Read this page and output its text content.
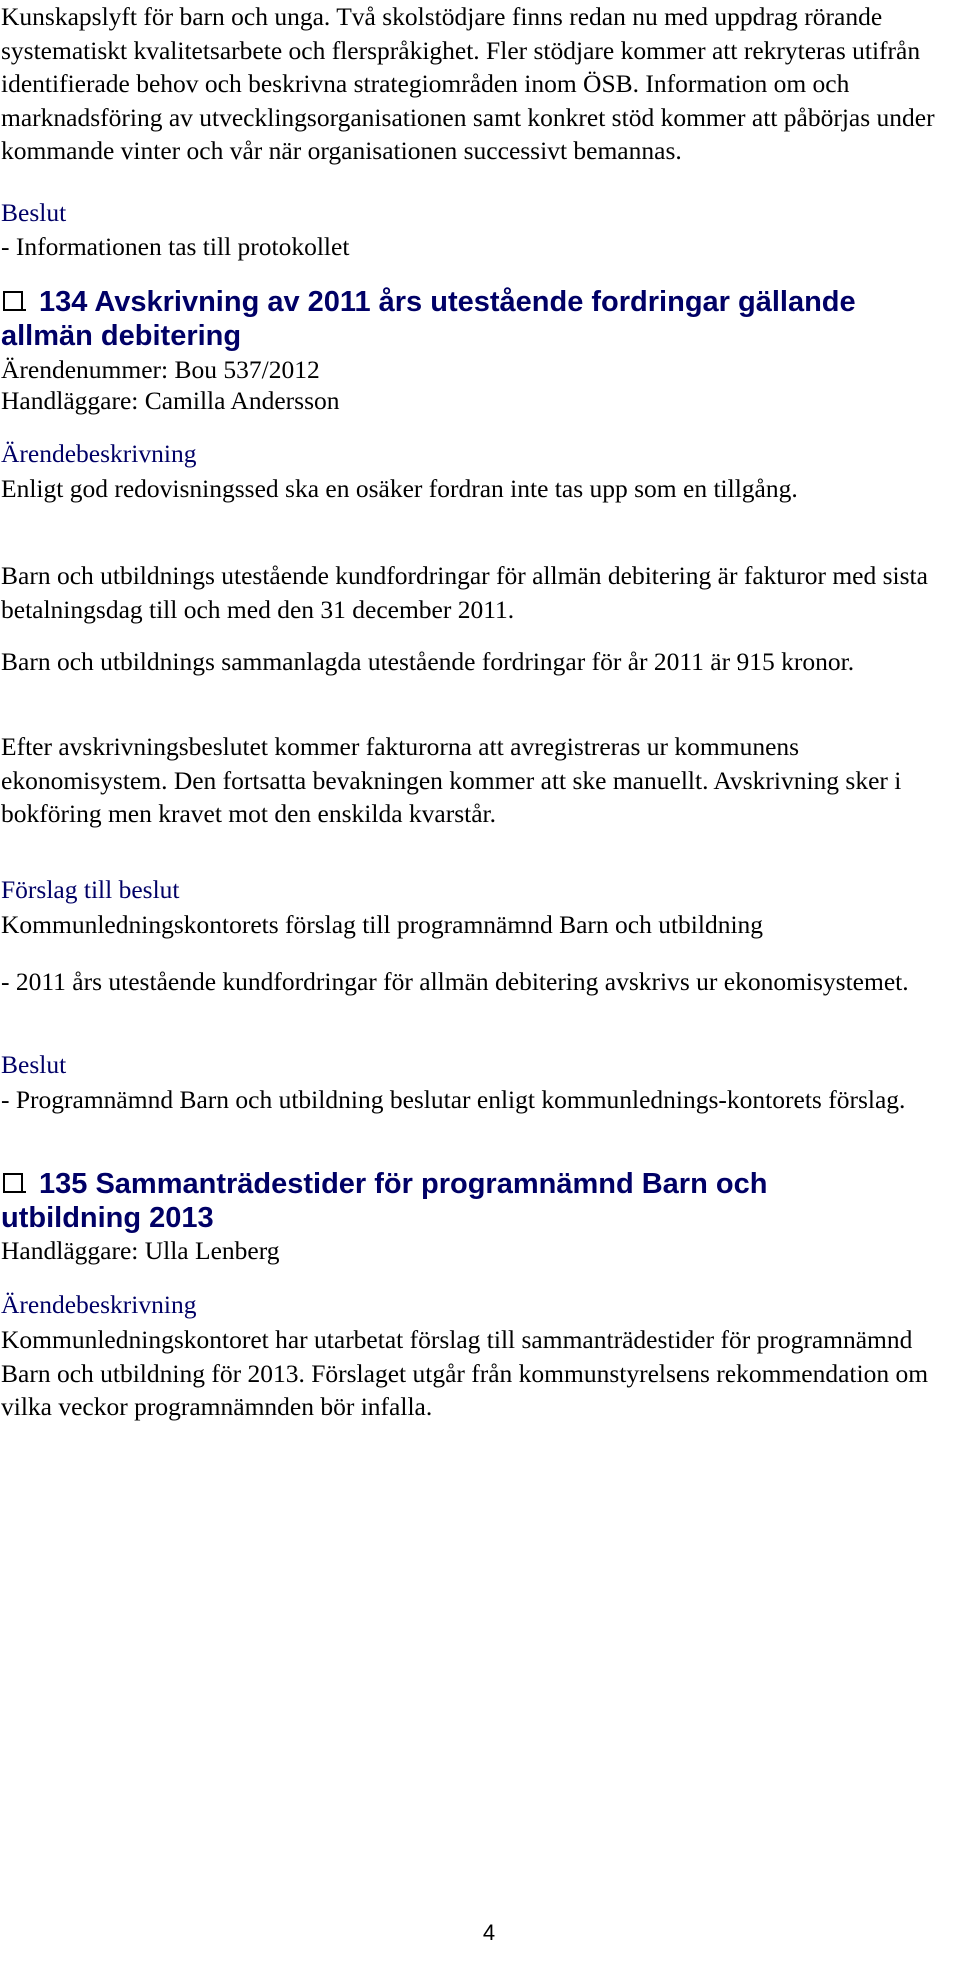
Kunskapslyft för barn och unga. Två skolstödjare finns redan nu med uppdrag rörande systematiskt kvalitetsarbete och flerspråkighet. Fler stödjare kommer att rekryteras utifrån identifierade behov och beskrivna strategiområden inom ÖSB. Information om och marknadsföring av utvecklingsorganisationen samt konkret stöd kommer att påbörjas under kommande vinter och vår när organisationen successivt bemannas.

Beslut

- Informationen tas till protokollet

134 Avskrivning av 2011 års utestående fordringar gällande allmän debitering

Ärendenummer: Bou 537/2012

Handläggare: Camilla Andersson

Ärendebeskrivning

Enligt god redovisningssed ska en osäker fordran inte tas upp som en tillgång.

Barn och utbildnings utestående kundfordringar för allmän debitering är fakturor med sista betalningsdag till och med den 31 december 2011.

Barn och utbildnings sammanlagda utestående fordringar för år 2011 är 915 kronor.

Efter avskrivningsbeslutet kommer fakturorna att avregistreras ur kommunens ekonomisystem. Den fortsatta bevakningen kommer att ske manuellt. Avskrivning sker i bokföring men kravet mot den enskilda kvarstår.

Förslag till beslut

Kommunledningskontorets förslag till programnämnd Barn och utbildning

- 2011 års utestående kundfordringar för allmän debitering avskrivs ur ekonomisystemet.

Beslut

- Programnämnd Barn och utbildning beslutar enligt kommunlednings-kontorets förslag.

135 Sammanträdestider för programnämnd Barn och utbildning 2013

Handläggare: Ulla Lenberg

Ärendebeskrivning

Kommunledningskontoret har utarbetat förslag till sammanträdestider för programnämnd Barn och utbildning för 2013. Förslaget utgår från kommunstyrelsens rekommendation om vilka veckor programnämnden bör infalla.

4
